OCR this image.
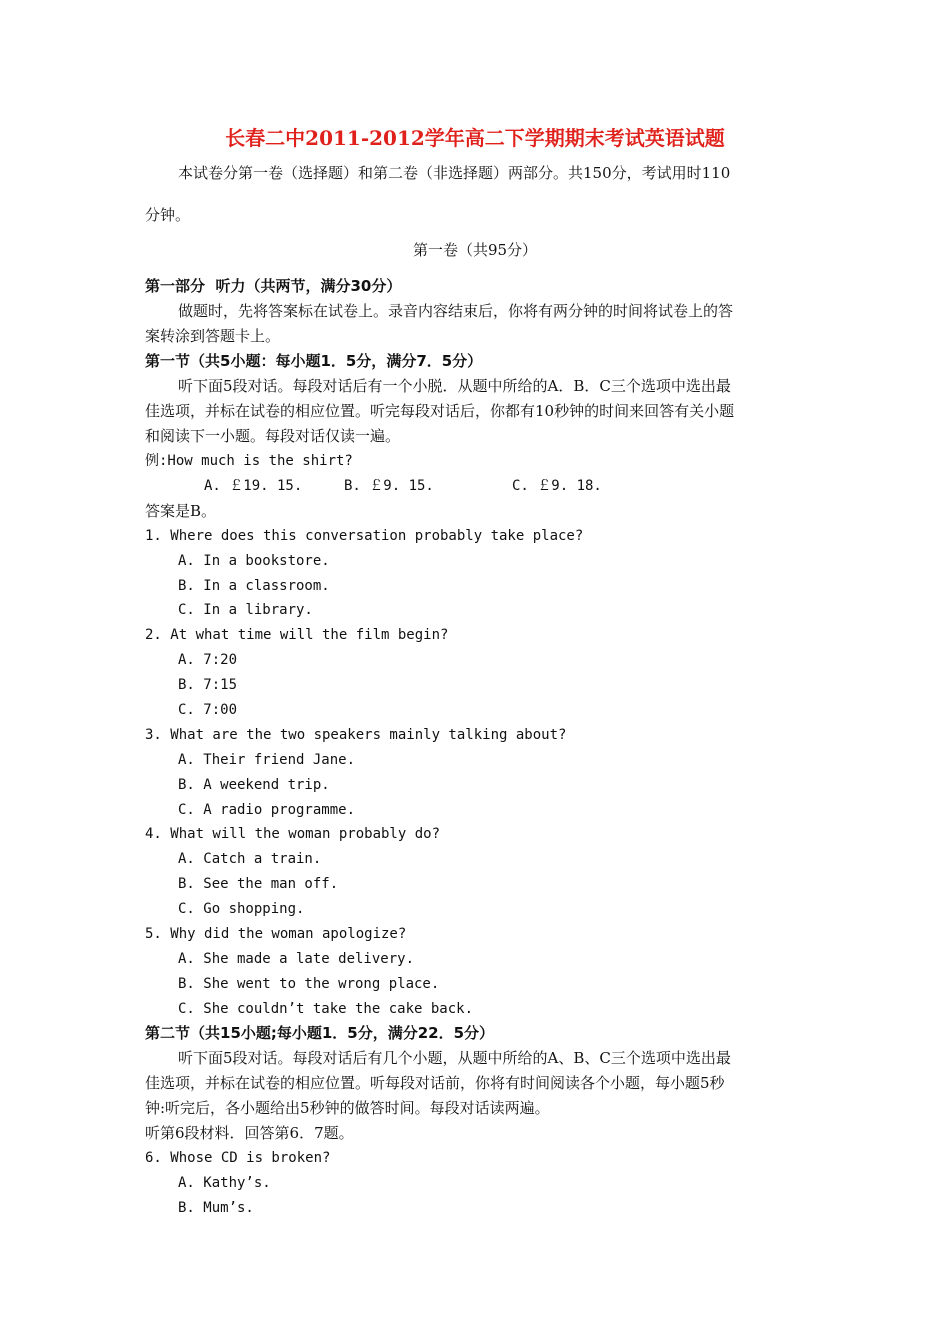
长春二中2011-2012学年高二下学期期末考试英语试题
本试卷分第一卷（选择题）和第二卷（非选择题）两部分。共150分，考试用时110
分钟。
第一卷（共95分）
第一部分  听力（共两节，满分30分）
做题时，先将答案标在试卷上。录音内容结束后，你将有两分钟的时间将试卷上的答
案转涂到答题卡上。
第一节（共5小题：每小题1．5分，满分7．5分）
听下面5段对话。每段对话后有一个小脱．从题中所给的A．B．C三个选项中选出最
佳选项，并标在试卷的相应位置。听完每段对话后，你都有10秒钟的时间来回答有关小题
和阅读下一小题。每段对话仅读一遍。
例:How much is the shirt?
A. ￡19. 15.	B. ￡9. 15.	C. ￡9. 18.
答案是B。
1. Where does this conversation probably take place?
A. In a bookstore.
B. In a classroom.
C. In a library.
2. At what time will the film begin?
A. 7:20
B. 7:15
C. 7:00
3. What are the two speakers mainly talking about?
A. Their friend Jane.
B. A weekend trip.
C. A radio programme.
4. What will the woman probably do?
A. Catch a train.
B. See the man off.
C. Go shopping.
5. Why did the woman apologize?
A. She made a late delivery.
B. She went to the wrong place.
C. She couldn’t take the cake back.
第二节（共15小题;每小题1．5分，满分22．5分）
听下面5段对话。每段对话后有几个小题，从题中所给的A、B、C三个选项中选出最
佳选项，并标在试卷的相应位置。听每段对话前，你将有时间阅读各个小题，每小题5秒
钟:听完后，各小题给出5秒钟的做答时间。每段对话读两遍。
听第6段材料．回答第6．7题。
6. Whose CD is broken?
A. Kathy’s.
B. Mum’s.
